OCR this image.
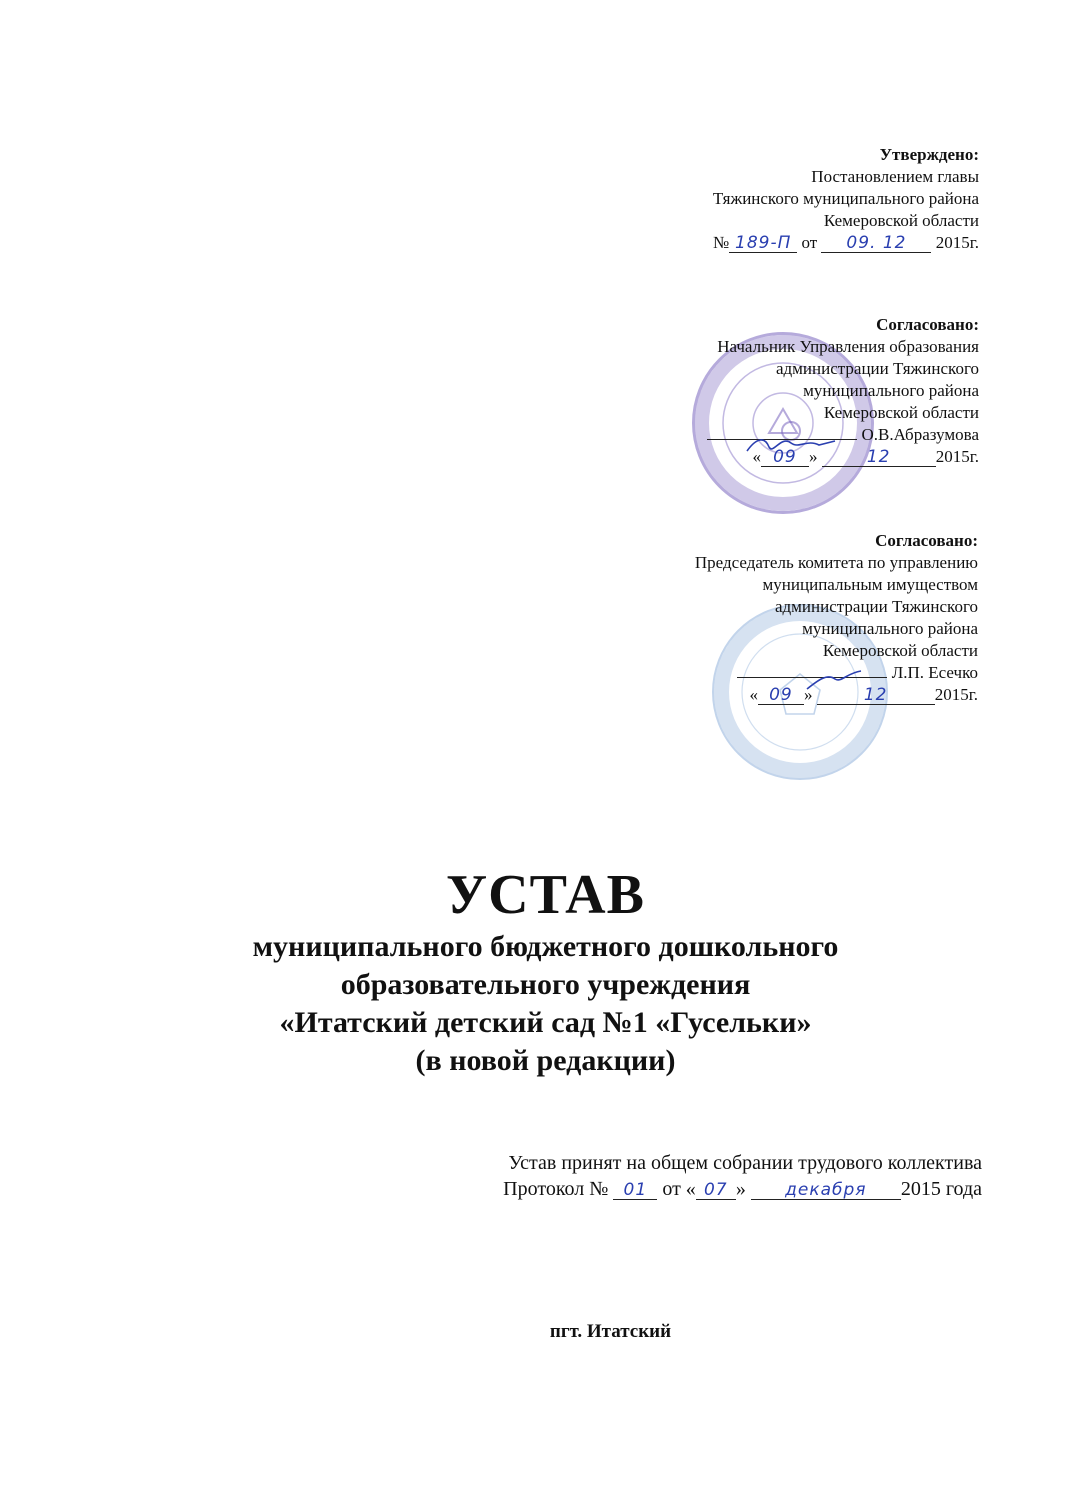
Утверждено:
Постановлением главы
Тяжинского муниципального района
Кемеровской области
№ 189-П от 09. 12 2015г.
Согласовано:
Начальник Управления образования
администрации Тяжинского
муниципального района
Кемеровской области
О.В.Абразумова
« 09 »	12	2015г.
Согласовано:
Председатель комитета по управлению
муниципальным имуществом
администрации Тяжинского
муниципального района
Кемеровской области
Л.П. Есечко
« 09 »	12	2015г.
УСТАВ
муниципального бюджетного дошкольного
образовательного учреждения
«Итатский детский сад №1 «Гусельки»
(в новой редакции)
Устав принят на общем собрании трудового коллектива
Протокол № 01 от « 07 » декабря 2015 года
пгт. Итатский
